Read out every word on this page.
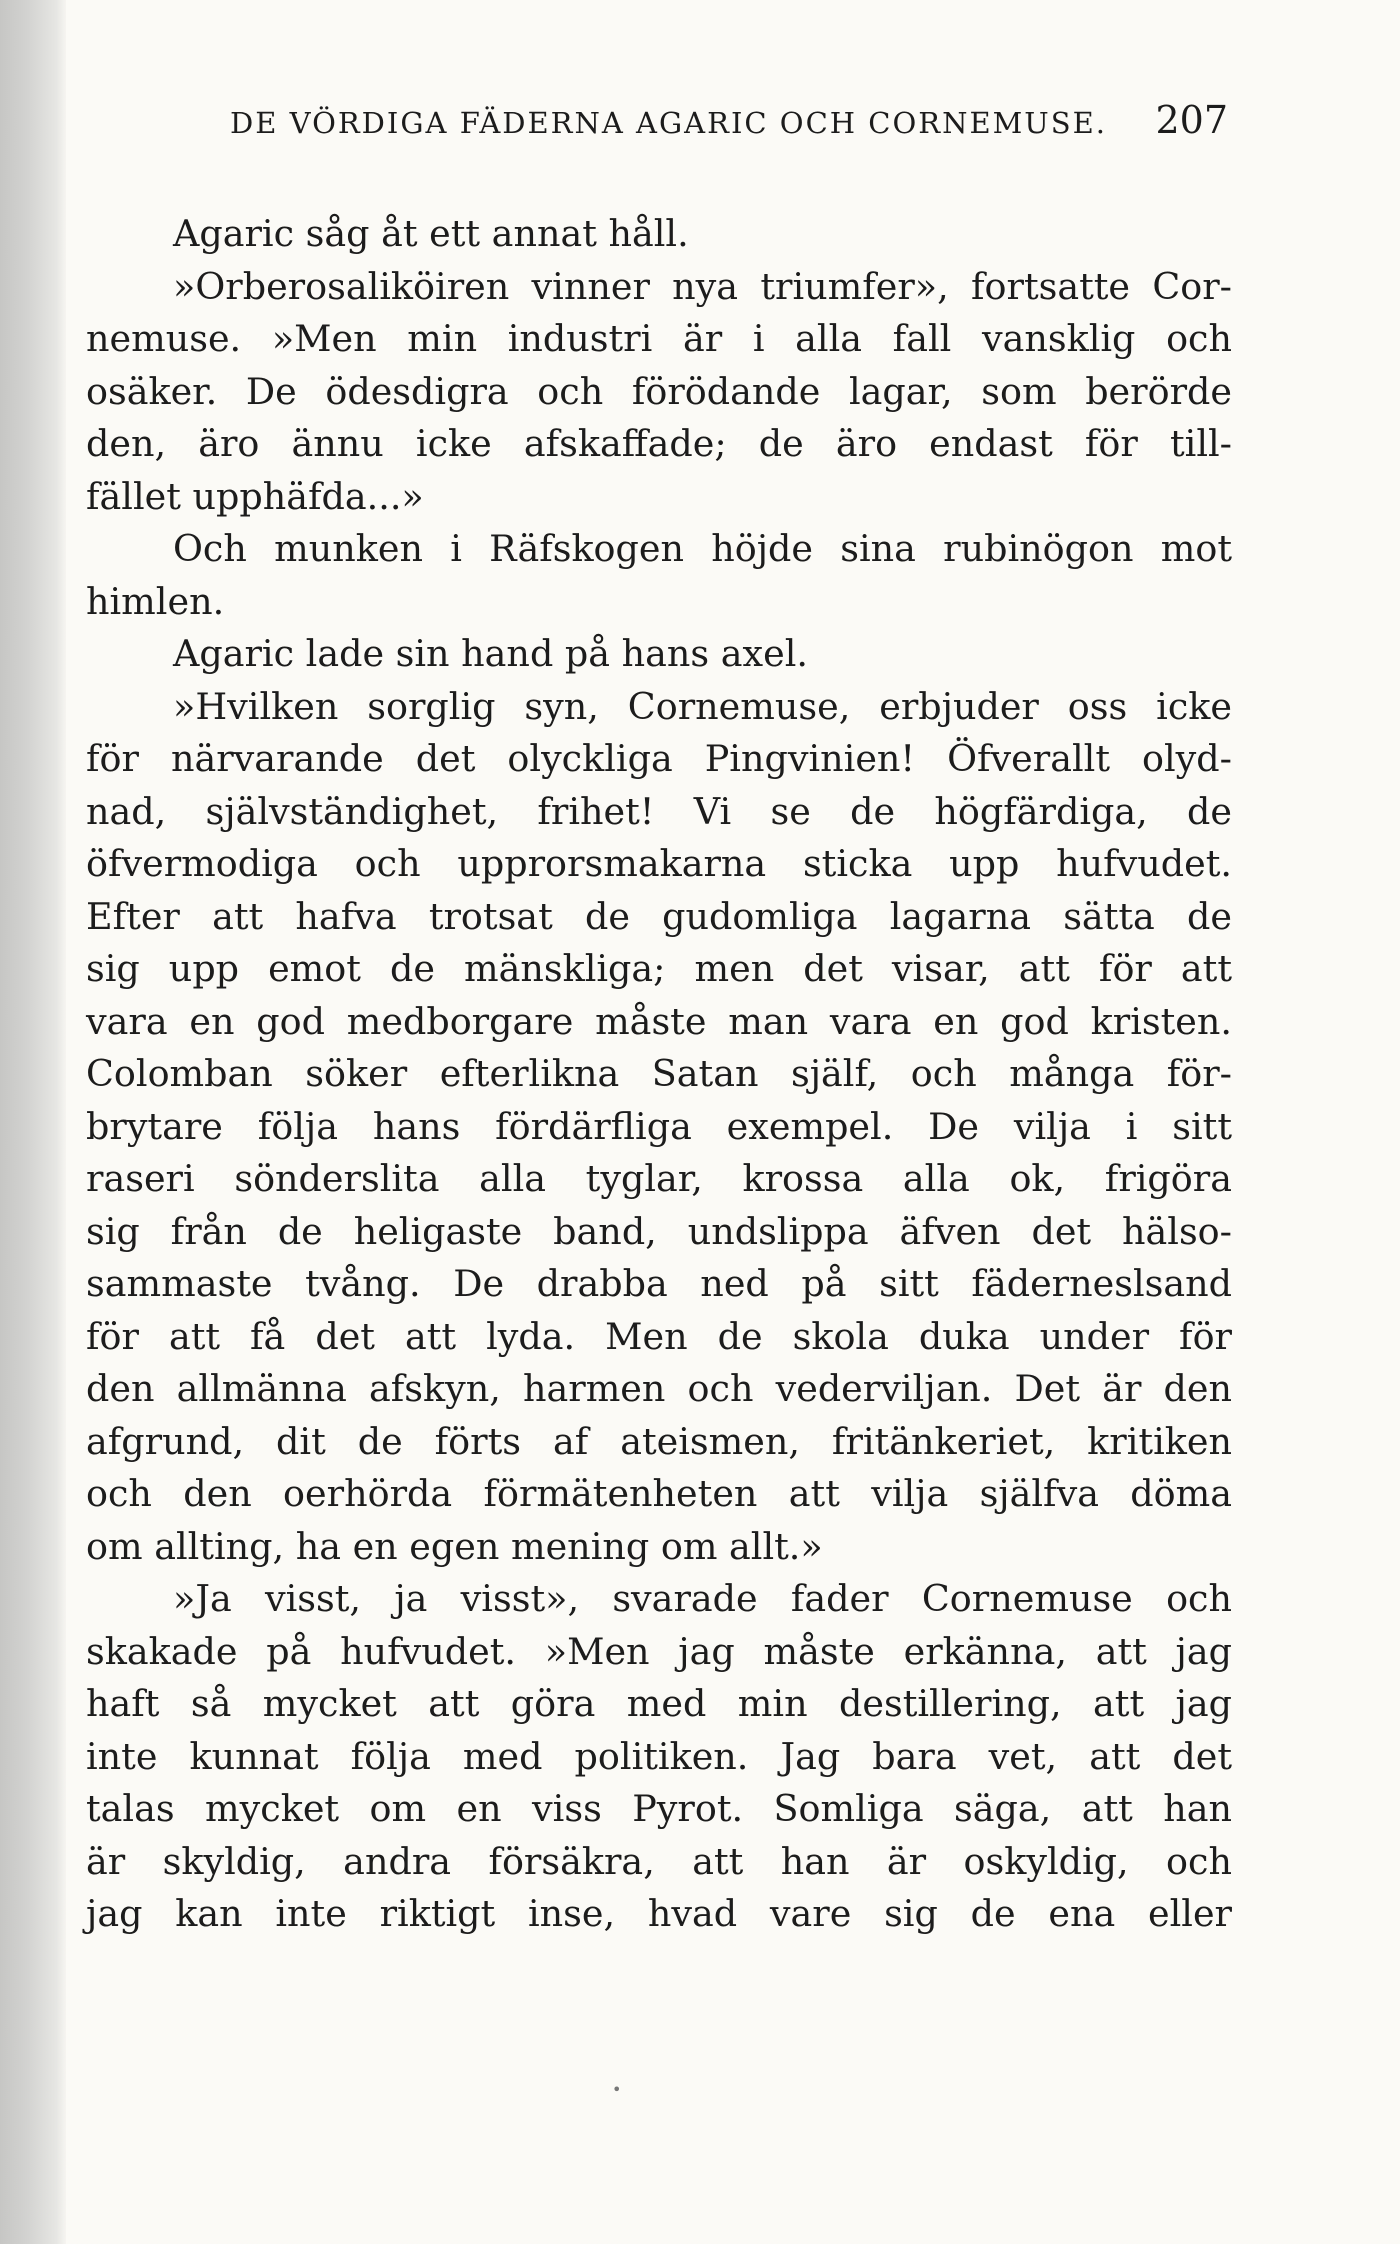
DE VÖRDIGA FÄDERNA AGARIC OCH CORNEMUSE. 207
Agaric såg åt ett annat håll.
»Orberosaliköiren vinner nya triumfer», fortsatte Cor-
nemuse. »Men min industri är i alla fall vansklig och
osäker. De ödesdigra och förödande lagar, som berörde
den, äro ännu icke afskaffade; de äro endast för till-
fället upphäfda...»
Och munken i Räfskogen höjde sina rubinögon mot
himlen.
Agaric lade sin hand på hans axel.
»Hvilken sorglig syn, Cornemuse, erbjuder oss icke
för närvarande det olyckliga Pingvinien! Öfverallt olyd-
nad, självständighet, frihet! Vi se de högfärdiga, de
öfvermodiga och upprorsmakarna sticka upp hufvudet.
Efter att hafva trotsat de gudomliga lagarna sätta de
sig upp emot de mänskliga; men det visar, att för att
vara en god medborgare måste man vara en god kristen.
Colomban söker efterlikna Satan själf, och många för-
brytare följa hans fördärfliga exempel. De vilja i sitt
raseri sönderslita alla tyglar, krossa alla ok, frigöra
sig från de heligaste band, undslippa äfven det hälso-
sammaste tvång. De drabba ned på sitt fäderneslsand
för att få det att lyda. Men de skola duka under för
den allmänna afskyn, harmen och vederviljan. Det är den
afgrund, dit de förts af ateismen, fritänkeriet, kritiken
och den oerhörda förmätenheten att vilja själfva döma
om allting, ha en egen mening om allt.»
»Ja visst, ja visst», svarade fader Cornemuse och
skakade på hufvudet. »Men jag måste erkänna, att jag
haft så mycket att göra med min destillering, att jag
inte kunnat följa med politiken. Jag bara vet, att det
talas mycket om en viss Pyrot. Somliga säga, att han
är skyldig, andra försäkra, att han är oskyldig, och
jag kan inte riktigt inse, hvad vare sig de ena eller
•
